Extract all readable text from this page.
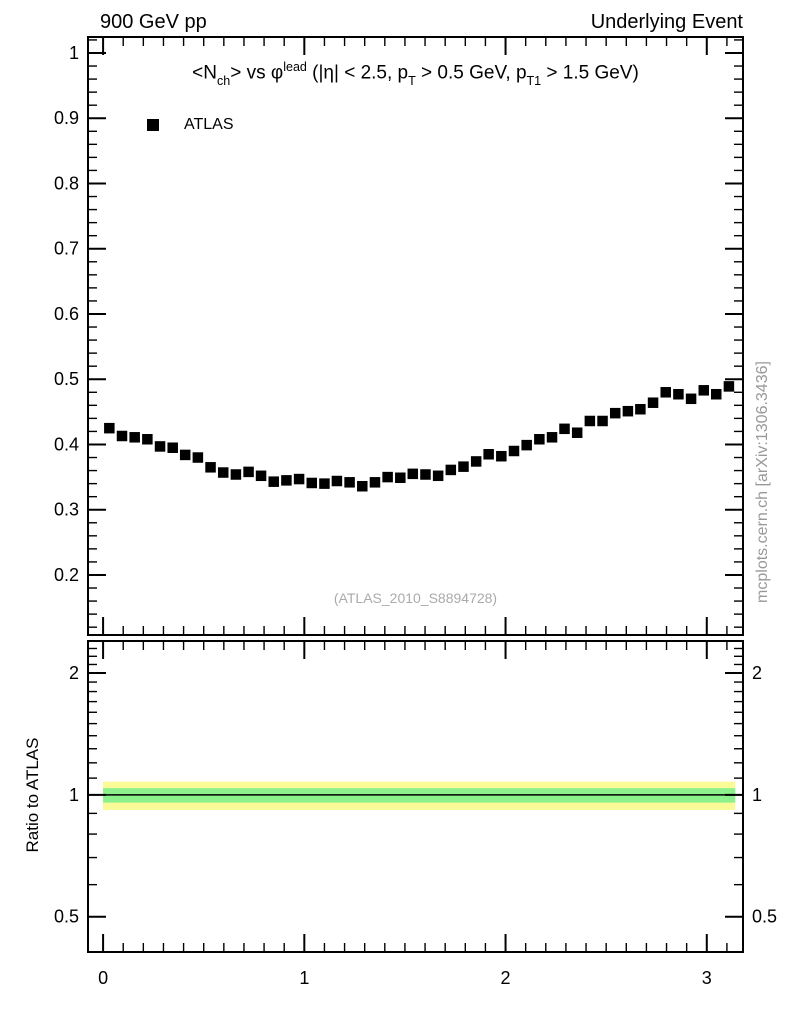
0	1	2	3
0.2
0.3
0.4
0.5
0.6
0.7
0.8
0.9
1
0.5	0.5
1	1
2	2
900 GeV pp	Underlying Event
$<N_{ch}>$ vs $\varphi^{lead}$ (|η| < 2.5, $p_T > 0.5$ GeV, $p_{T1} > 1.5$ GeV)
ATLAS
(ATLAS_2010_S8894728)	mcplots.cern.ch [arXiv:1306.3436]
Ratio to ATLAS
